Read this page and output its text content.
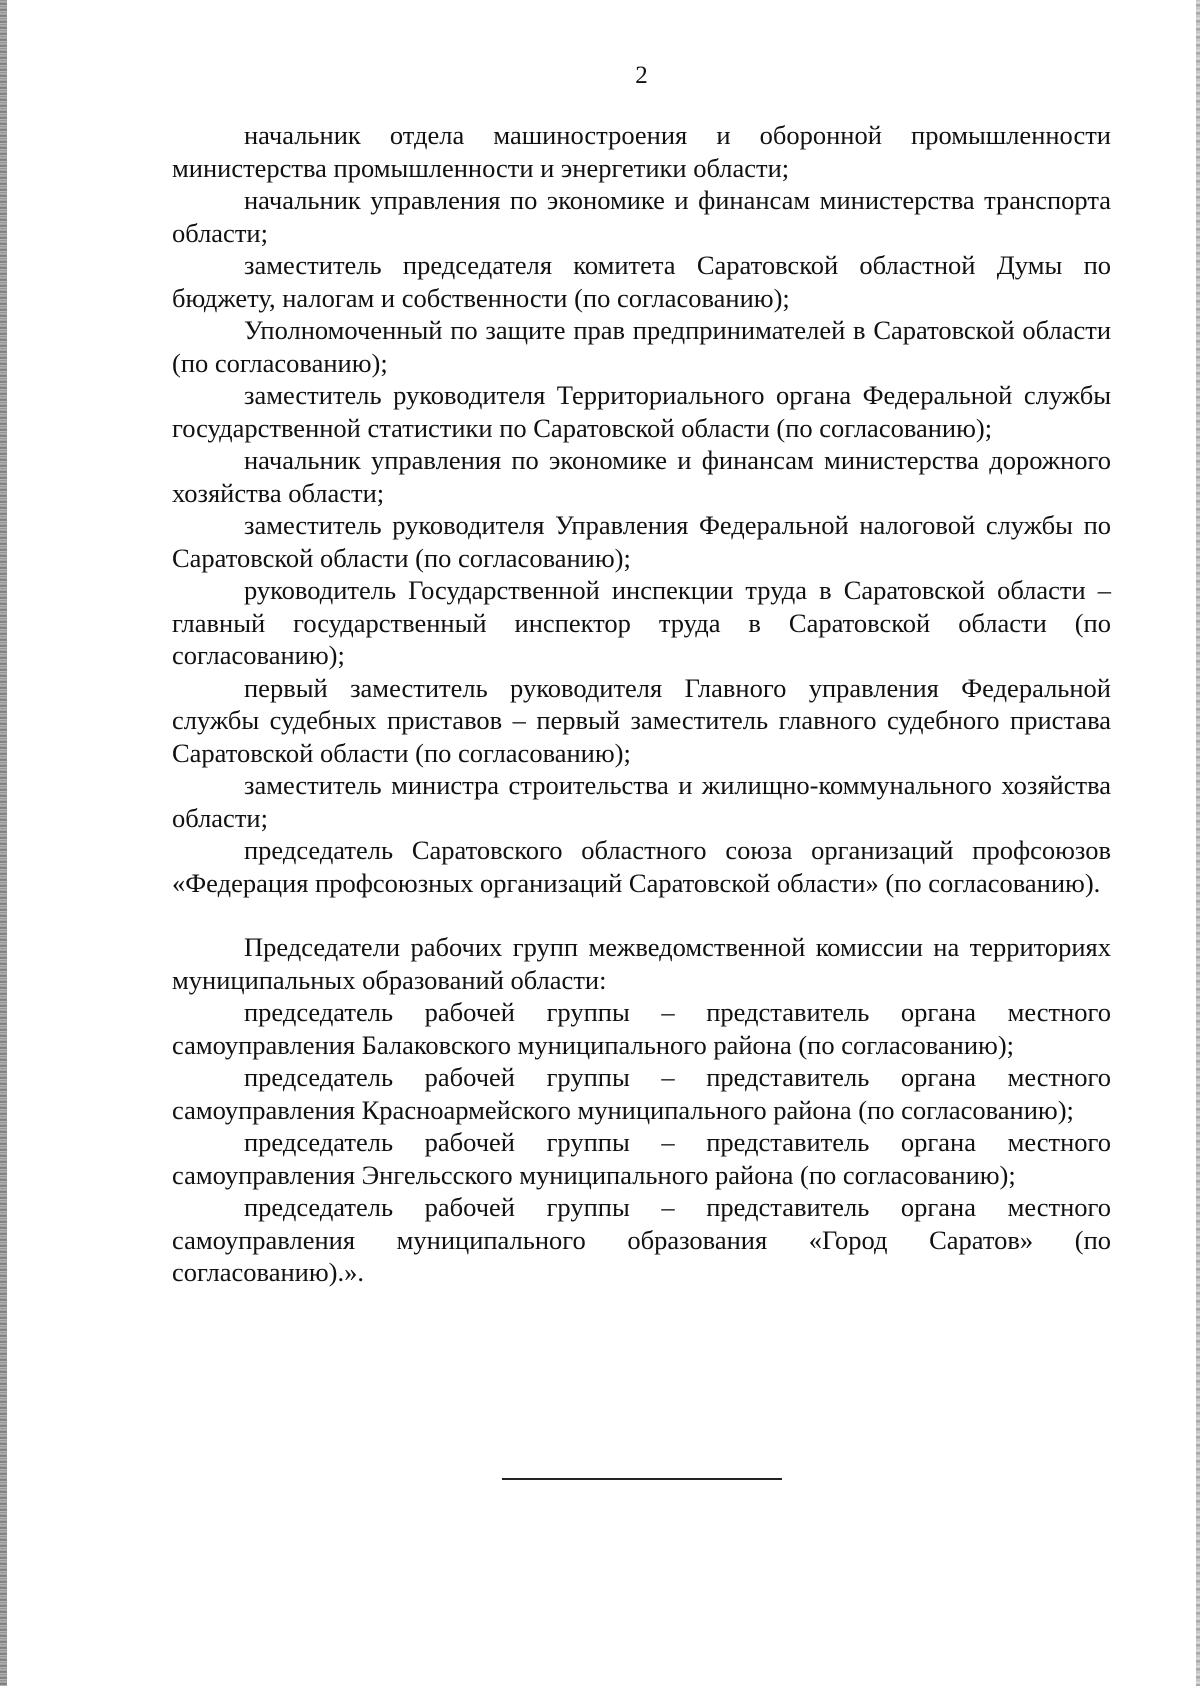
2

начальник отдела машиностроения и оборонной промышленности министерства промышленности и энергетики области;

начальник управления по экономике и финансам министерства транспорта области;

заместитель председателя комитета Саратовской областной Думы по бюджету, налогам и собственности (по согласованию);

Уполномоченный по защите прав предпринимателей в Саратовской области (по согласованию);

заместитель руководителя Территориального органа Федеральной службы государственной статистики по Саратовской области (по согласованию);

начальник управления по экономике и финансам министерства дорожного хозяйства области;

заместитель руководителя Управления Федеральной налоговой службы по Саратовской области (по согласованию);

руководитель Государственной инспекции труда в Саратовской области – главный государственный инспектор труда в Саратовской области (по согласованию);

первый заместитель руководителя Главного управления Федеральной службы судебных приставов – первый заместитель главного судебного пристава Саратовской области (по согласованию);

заместитель министра строительства и жилищно-коммунального хозяйства области;

председатель Саратовского областного союза организаций профсоюзов «Федерация профсоюзных организаций Саратовской области» (по согласованию).

Председатели рабочих групп межведомственной комиссии на территориях муниципальных образований области:

председатель рабочей группы – представитель органа местного самоуправления Балаковского муниципального района (по согласованию);

председатель рабочей группы – представитель органа местного самоуправления Красноармейского муниципального района (по согласованию);

председатель рабочей группы – представитель органа местного самоуправления Энгельсского муниципального района (по согласованию);

председатель рабочей группы – представитель органа местного самоуправления муниципального образования «Город Саратов» (по согласованию).».
